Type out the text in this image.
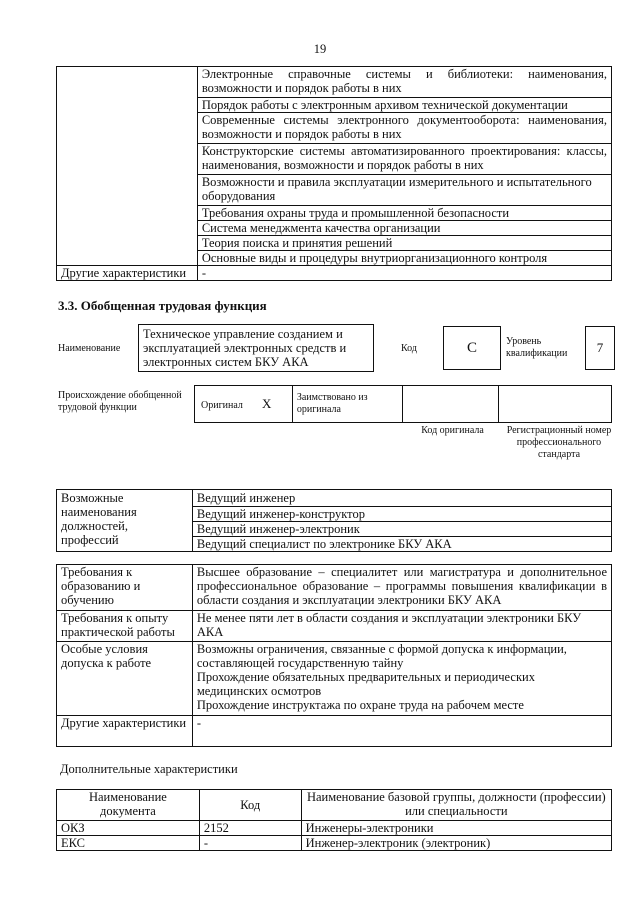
19
	Электронные справочные системы и библиотеки: наименования, возможности и порядок работы в них
	Порядок работы с электронным архивом технической документации
	Современные системы электронного документооборота: наименования, возможности и порядок работы в них
	Конструкторские системы автоматизированного проектирования: классы, наименования, возможности и порядок работы в них
	Возможности и правила эксплуатации измерительного и испытательного оборудования
	Требования охраны труда и промышленной безопасности
	Система менеджмента качества организации
	Теория поиска и принятия решений
	Основные виды и процедуры внутриорганизационного контроля
Другие характеристики	-
3.3. Обобщенная трудовая функция
Наименование
Техническое управление созданием и эксплуатацией электронных средств и электронных систем БКУ АКА
Код	С	Уровень квалификации	7
Происхождение обобщенной трудовой функции	Оригинал Х	Заимствовано из оригинала		
Код оригинала	Регистрационный номер профессионального стандарта
Возможные наименования должностей, профессий	
Ведущий инженер
Ведущий инженер-конструктор
Ведущий инженер-электроник
Ведущий специалист по электронике БКУ АКА
Требования к образованию и обучению	Высшее образование – специалитет или магистратура и дополнительное профессиональное образование – программы повышения квалификации в области создания и эксплуатации электроники БКУ АКА
Требования к опыту практической работы	Не менее пяти лет в области создания и эксплуатации электроники БКУ АКА
Особые условия допуска к работе	Возможны ограничения, связанные с формой допуска к информации, составляющей государственную тайну
Прохождение обязательных предварительных и периодических медицинских осмотров
Прохождение инструктажа по охране труда на рабочем месте

Другие характеристики	-
Дополнительные характеристики
Наименование документа	Код	Наименование базовой группы, должности (профессии) или специальности
ОКЗ	2152	Инженеры-электроники
ЕКС	-	Инженер-электроник (электроник)
